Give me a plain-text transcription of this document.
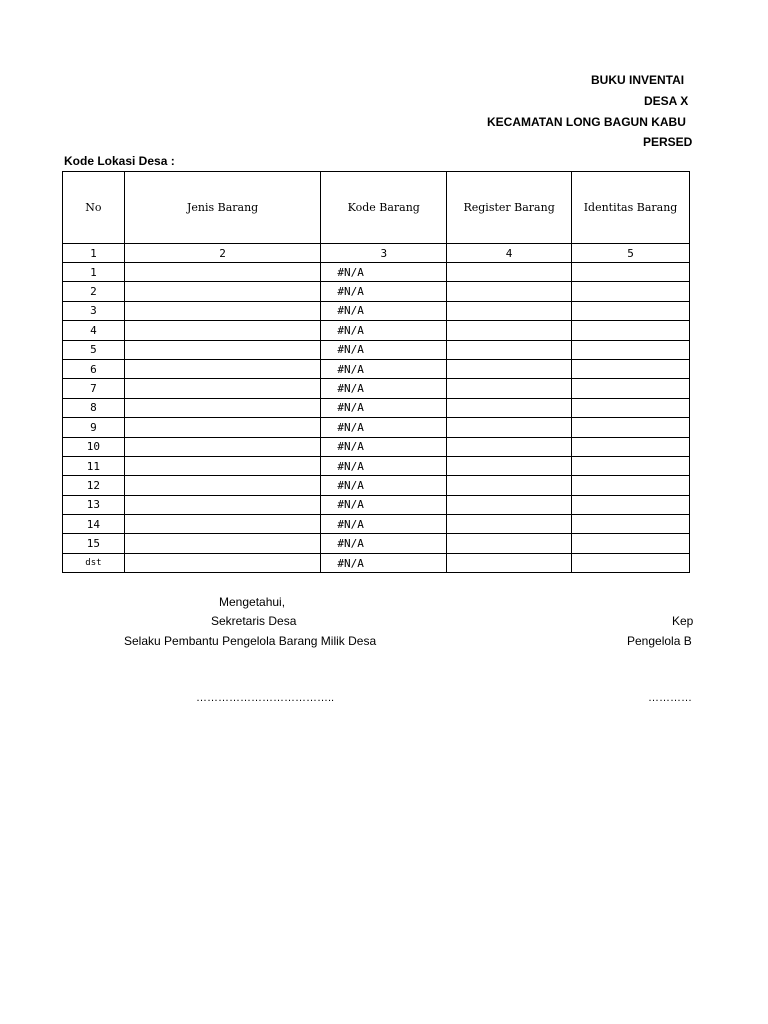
BUKU INVENTAI
DESA X
KECAMATAN LONG BAGUN KABU
PERSED
Kode Lokasi Desa :
No	Jenis Barang	Kode Barang	Register Barang	Identitas Barang
1	2	3	4	5
1		#N/A		
2		#N/A		
3		#N/A		
4		#N/A		
5		#N/A		
6		#N/A		
7		#N/A		
8		#N/A		
9		#N/A		
10		#N/A		
11		#N/A		
12		#N/A		
13		#N/A		
14		#N/A		
15		#N/A		
dst		#N/A		
Mengetahui,
Sekretaris Desa
Selaku Pembantu Pengelola Barang Milik Desa
………………………………..
Kep
Pengelola B
…………
